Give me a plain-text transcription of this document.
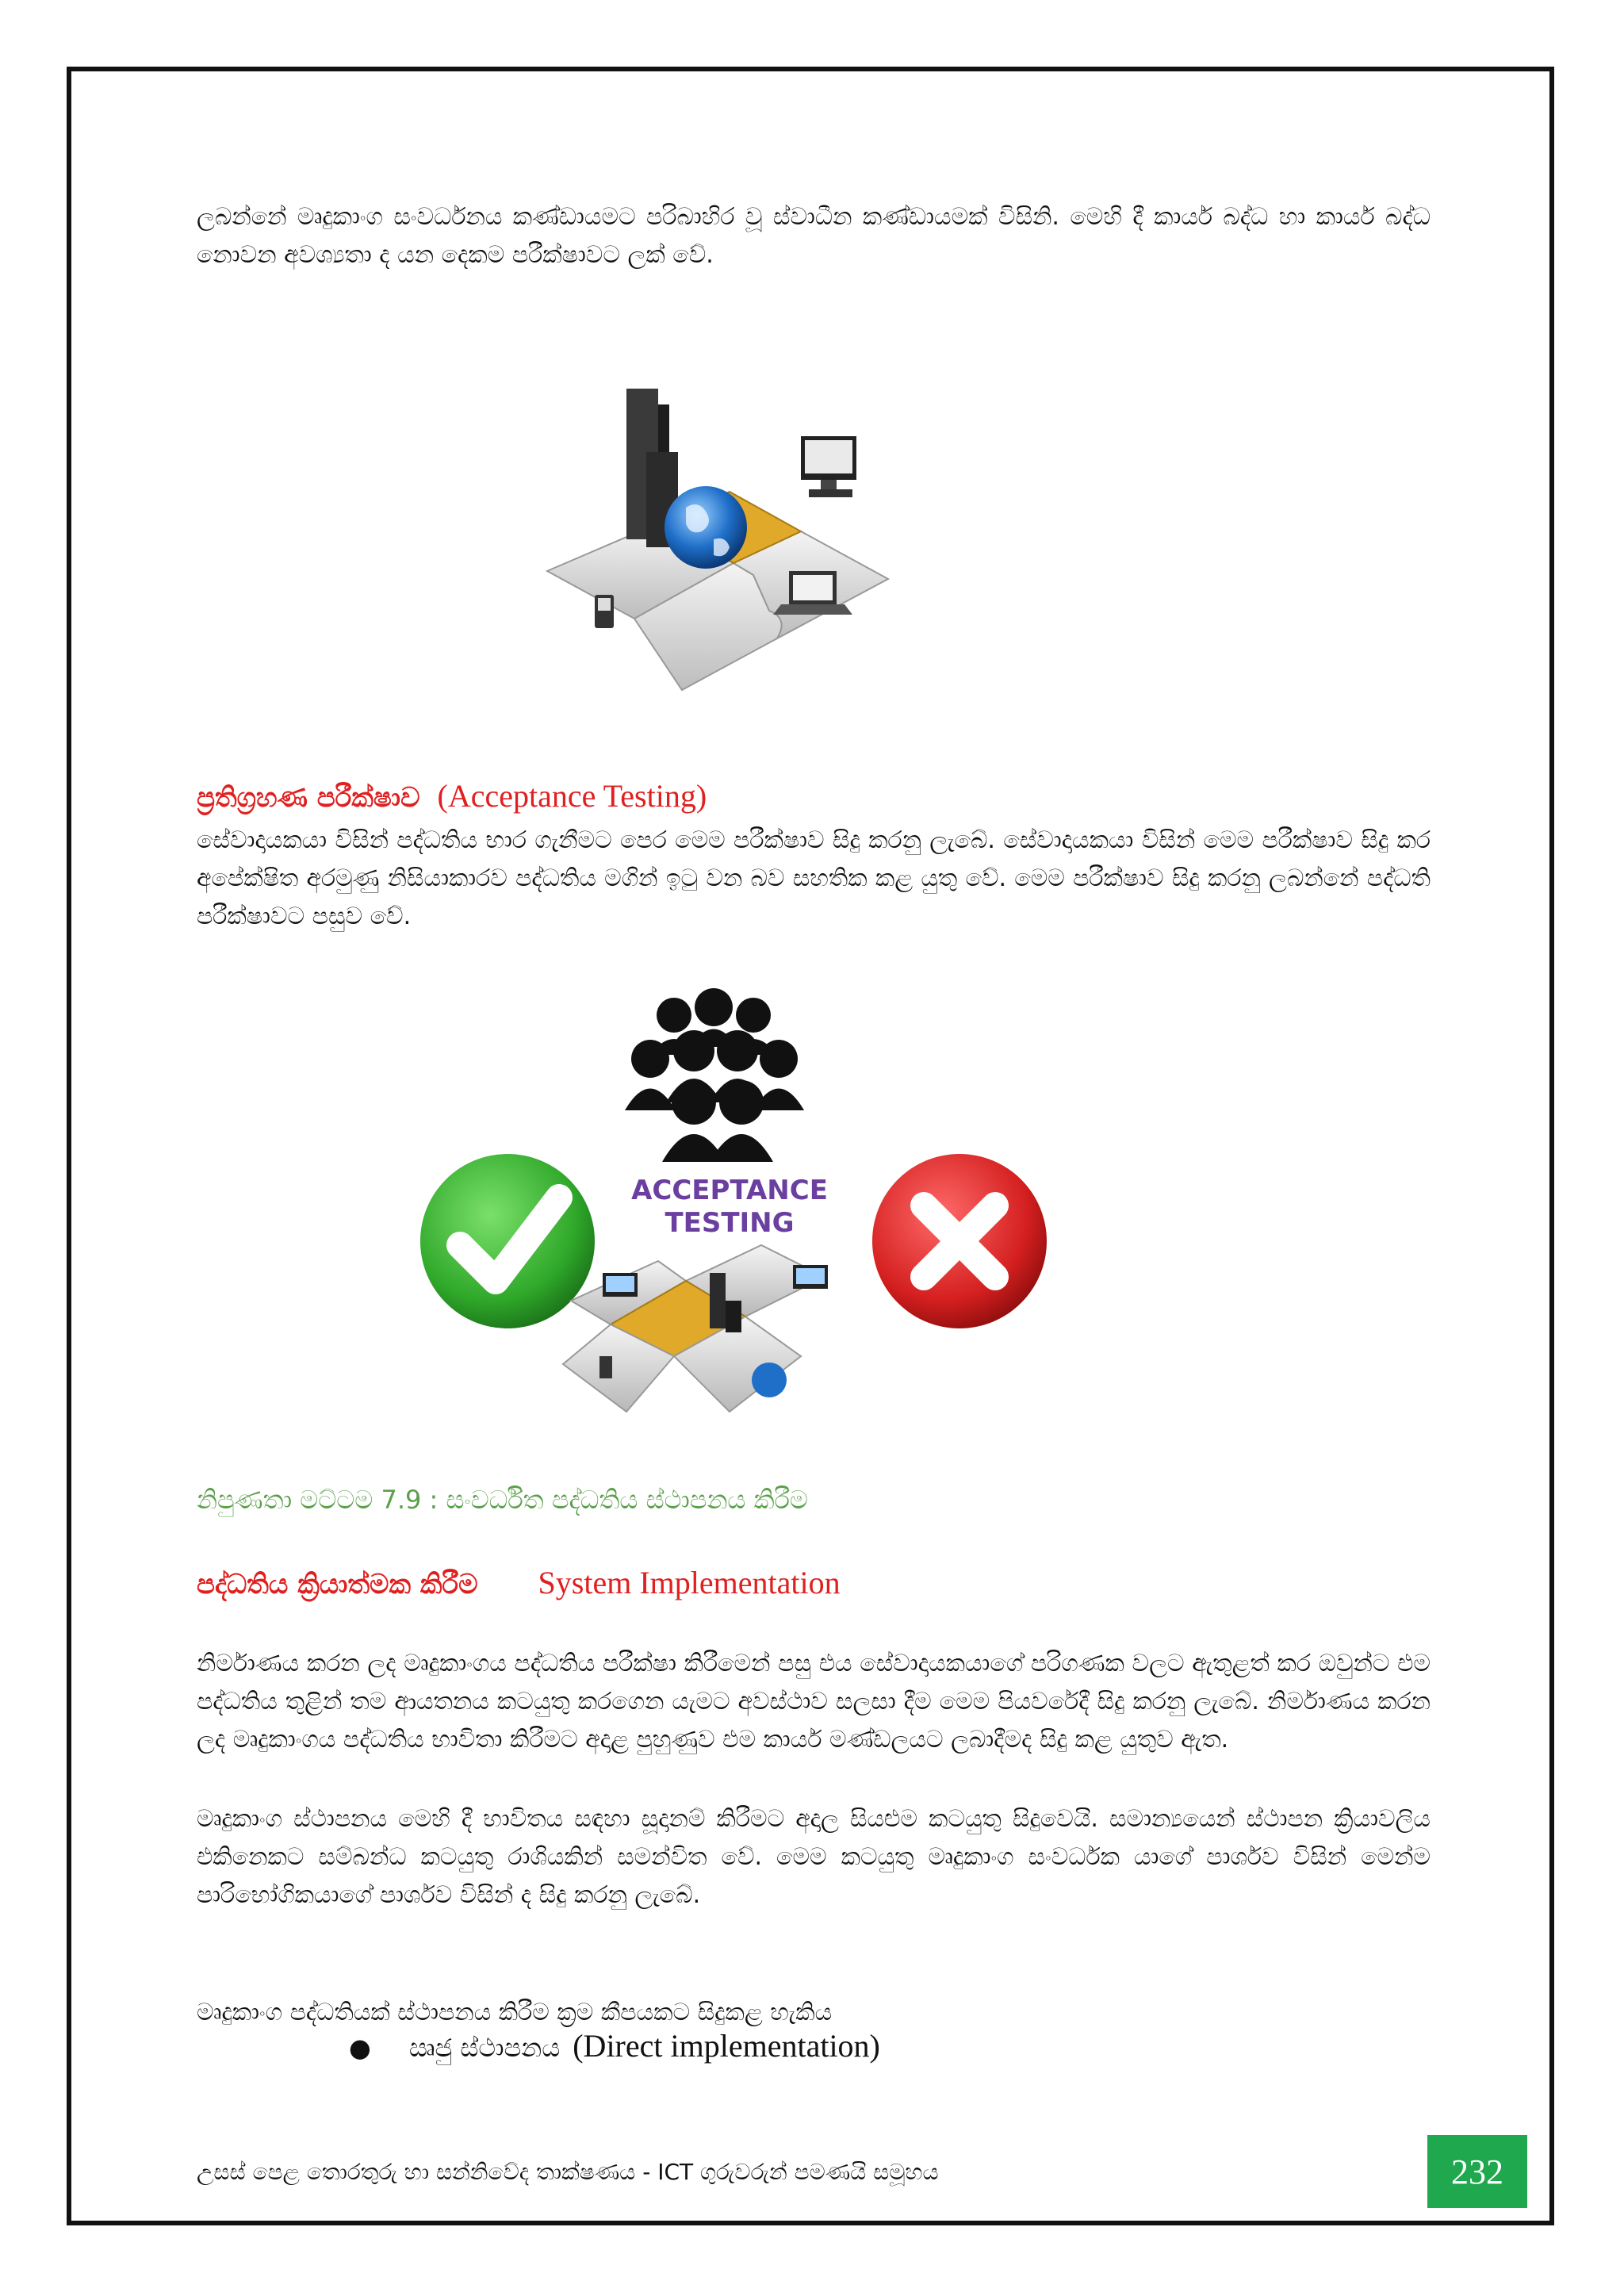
ලබන්නේ මෘදුකාංග සංවර්ධනය කණ්ඩායමට පරිබාහිර වූ ස්වාධීන කණ්ඩායමක් විසිනි. මෙහි දී කාර්ය බද්ධ හා කාර්ය බද්ධ නොවන අවශ්‍යතා ද යන දෙකම පරීක්ෂාවට ලක් වේ.

ප්‍රතිග්‍රහණ පරීක්ෂාව (Acceptance Testing)

සේවාදායකයා විසින් පද්ධතිය භාර ගැනීමට පෙර මෙම පරීක්ෂාව සිදු කරනු ලැබේ. සේවාදායකයා විසින් මෙම පරීක්ෂාව සිදු කර අපේක්ෂිත අරමුණු නිසියාකාරව පද්ධතිය මගින් ඉටු වන බව සහතික කළ යුතු වේ. මෙම පරීක්ෂාව සිදු කරනු ලබන්නේ පද්ධති පරීක්ෂාවට පසුව වේ.

ACCEPTANCE
TESTING
නිපුණතා මට්ටම 7.9 : සංවර්ධිත පද්ධතිය ස්ථාපනය කිරීම
පද්ධතිය ක්‍රියාත්මක කිරීම System Implementation

නිර්මාණය කරන ලද මෘදුකාංගය පද්ධතිය පරීක්ෂා කිරීමෙන් පසු එය සේවාදායකයාගේ පරිගණක වලට ඇතුළත් කර ඔවුන්ට එම පද්ධතිය තුළින් තම ආයතනය කටයුතු කරගෙන යැමට අවස්ථාව සලසා දීම මෙම පියවරේදී සිදු කරනු ලැබේ. නිර්මාණය කරන ලද මෘදුකාංගය පද්ධතිය භාවිතා කිරීමට අදාළ පුහුණුව එම කාර්ය මණ්ඩලයට ලබාදීමද සිදු කළ යුතුව ඇත.

මෘදුකාංග ස්ථාපනය මෙහි දී භාවිතය සඳහා සූදානම් කිරීමට අදාල සියළුම කටයුතු සිදුවෙයි. සමාන්‍යයෙන් ස්ථාපන ක්‍රියාවලිය එකිනෙකට සම්බන්ධ කටයුතු රාශියකින් සමන්විත වේ. මෙම කටයුතු මෘදුකාංග සංවර්ධක යාගේ පාර්ශව විසින් මෙන්ම පාරිභෝගිකයාගේ පාර්ශව විසින් ද සිදු කරනු ලැබේ.

මෘදුකාංග පද්ධතියක් ස්ථාපනය කිරීම ක්‍රම කීපයකට සිදුකළ හැකිය

● ඍජු ස්ථාපනය (Direct implementation)
උසස් පෙළ තොරතුරු හා සන්නිවේද තාක්ෂණය - ICT ගුරුවරුන් පමණයි සමූහය	232
